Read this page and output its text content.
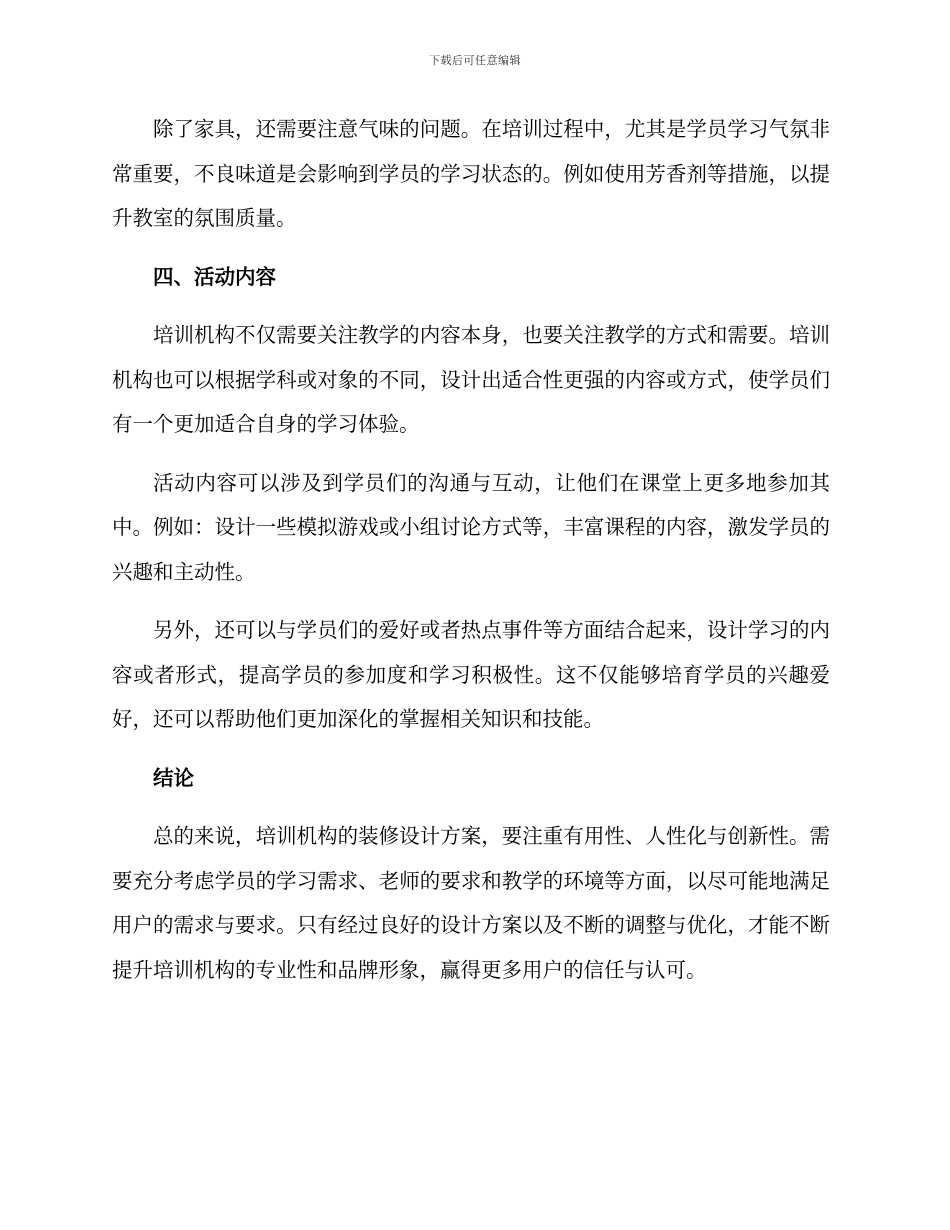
下载后可任意编辑

除了家具，还需要注意气味的问题。在培训过程中，尤其是学员学习气氛非常重要，不良味道是会影响到学员的学习状态的。例如使用芳香剂等措施，以提升教室的氛围质量。

四、活动内容

培训机构不仅需要关注教学的内容本身，也要关注教学的方式和需要。培训机构也可以根据学科或对象的不同，设计出适合性更强的内容或方式，使学员们有一个更加适合自身的学习体验。

活动内容可以涉及到学员们的沟通与互动，让他们在课堂上更多地参加其中。例如：设计一些模拟游戏或小组讨论方式等，丰富课程的内容，激发学员的兴趣和主动性。

另外，还可以与学员们的爱好或者热点事件等方面结合起来，设计学习的内容或者形式，提高学员的参加度和学习积极性。这不仅能够培育学员的兴趣爱好，还可以帮助他们更加深化的掌握相关知识和技能。

结论

总的来说，培训机构的装修设计方案，要注重有用性、人性化与创新性。需要充分考虑学员的学习需求、老师的要求和教学的环境等方面，以尽可能地满足用户的需求与要求。只有经过良好的设计方案以及不断的调整与优化，才能不断提升培训机构的专业性和品牌形象，赢得更多用户的信任与认可。
